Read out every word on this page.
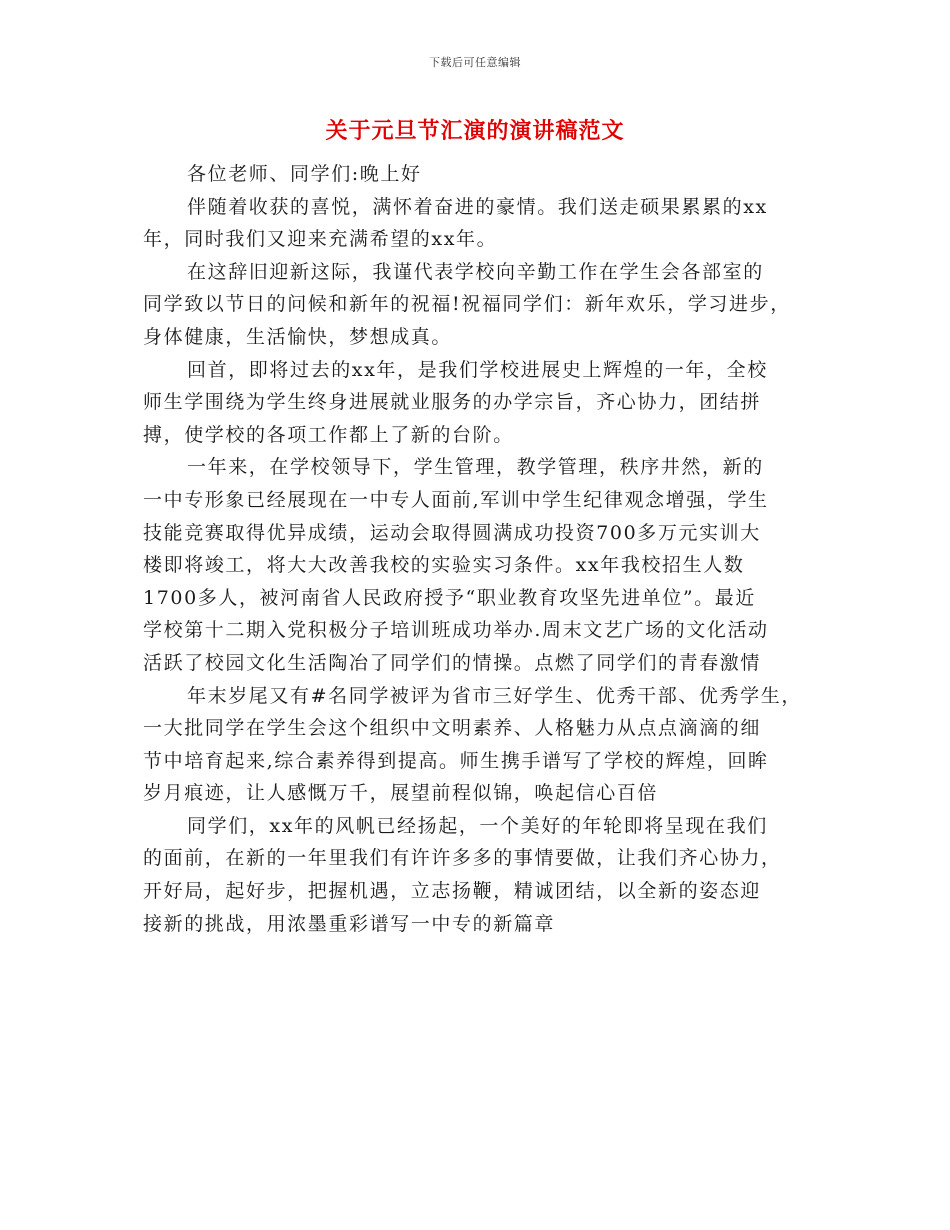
下载后可任意编辑
关于元旦节汇演的演讲稿范文
各位老师、同学们:晚上好
伴随着收获的喜悦，满怀着奋进的豪情。我们送走硕果累累的xx
年，同时我们又迎来充满希望的xx年。
在这辞旧迎新这际，我谨代表学校向辛勤工作在学生会各部室的
同学致以节日的问候和新年的祝福!祝福同学们：新年欢乐，学习进步，
身体健康，生活愉快，梦想成真。
回首，即将过去的xx年，是我们学校进展史上辉煌的一年，全校
师生学围绕为学生终身进展就业服务的办学宗旨，齐心协力，团结拼
搏，使学校的各项工作都上了新的台阶。
一年来，在学校领导下，学生管理，教学管理，秩序井然，新的
一中专形象已经展现在一中专人面前,军训中学生纪律观念增强，学生
技能竞赛取得优异成绩，运动会取得圆满成功投资700多万元实训大
楼即将竣工，将大大改善我校的实验实习条件。xx年我校招生人数
1700多人，被河南省人民政府授予“职业教育攻坚先进单位”。最近
学校第十二期入党积极分子培训班成功举办.周末文艺广场的文化活动
活跃了校园文化生活陶冶了同学们的情操。点燃了同学们的青春激情
年末岁尾又有#名同学被评为省市三好学生、优秀干部、优秀学生，
一大批同学在学生会这个组织中文明素养、人格魅力从点点滴滴的细
节中培育起来,综合素养得到提高。师生携手谱写了学校的辉煌，回眸
岁月痕迹，让人感慨万千，展望前程似锦，唤起信心百倍
同学们，xx年的风帆已经扬起，一个美好的年轮即将呈现在我们
的面前，在新的一年里我们有许许多多的事情要做，让我们齐心协力，
开好局，起好步，把握机遇，立志扬鞭，精诚团结，以全新的姿态迎
接新的挑战，用浓墨重彩谱写一中专的新篇章
